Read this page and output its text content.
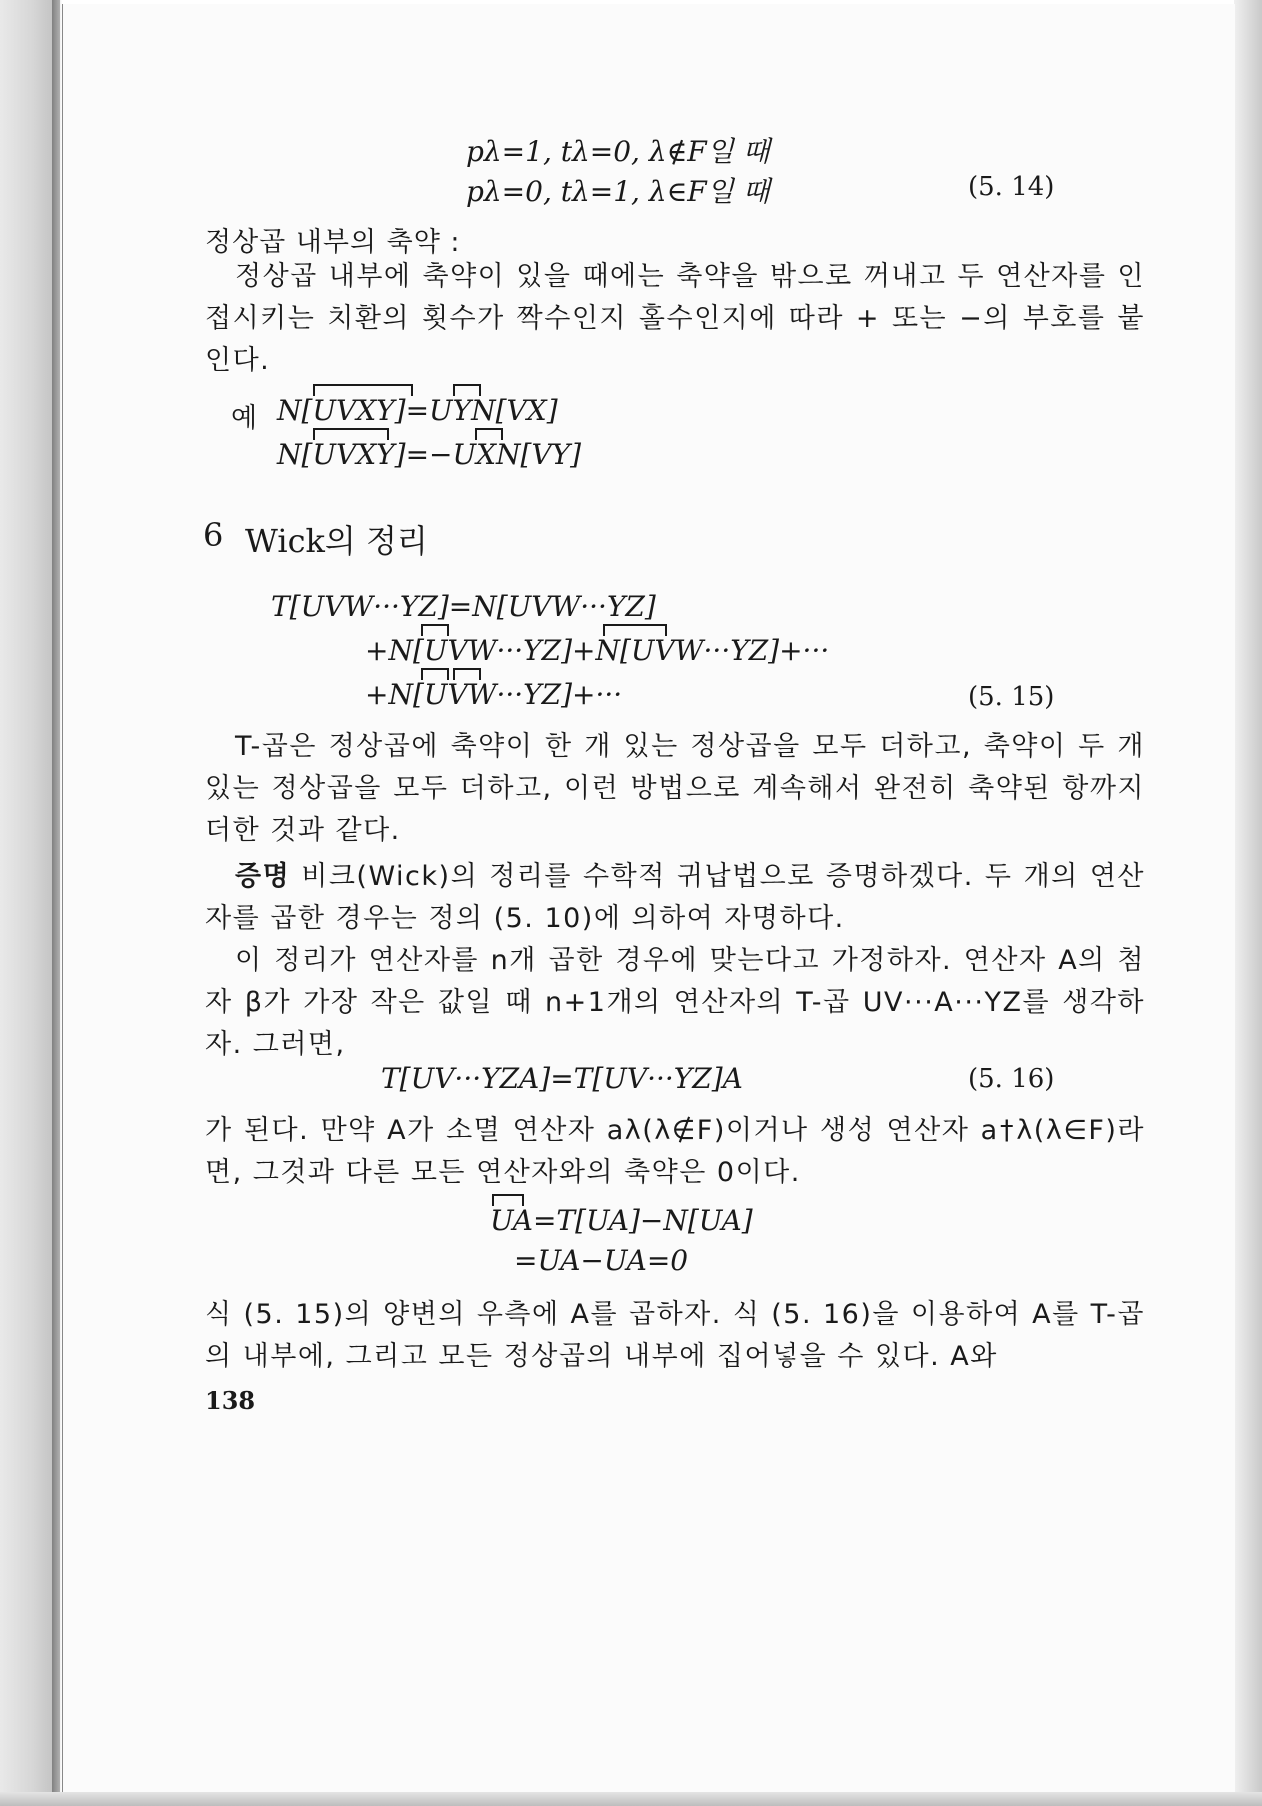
pλ=1, tλ=0, λ∉F일 때
pλ=0, tλ=1, λ∈F일 때	(5. 14)
정상곱 내부의 축약 :
정상곱 내부에 축약이 있을 때에는 축약을 밖으로 꺼내고 두 연산자를 인접시키는 치환의 횟수가 짝수인지 홀수인지에 따라 + 또는 −의 부호를 붙인다.
예 N[UVXY]=UYN[VX]
N[UVXY]=−UXN[VY]
6 Wick의 정리
T[UVW···YZ]=N[UVW···YZ]
+N[UVW···YZ]+N[UVW···YZ]+···
+N[UVW···YZ]+···	(5. 15)
T-곱은 정상곱에 축약이 한 개 있는 정상곱을 모두 더하고, 축약이 두 개 있는 정상곱을 모두 더하고, 이런 방법으로 계속해서 완전히 축약된 항까지 더한 것과 같다.
증명 비크(Wick)의 정리를 수학적 귀납법으로 증명하겠다. 두 개의 연산자를 곱한 경우는 정의 (5. 10)에 의하여 자명하다.
이 정리가 연산자를 n개 곱한 경우에 맞는다고 가정하자. 연산자 A의 첨자 β가 가장 작은 값일 때 n+1개의 연산자의 T-곱 UV···A···YZ를 생각하자. 그러면,
T[UV···YZA]=T[UV···YZ]A	(5. 16)
가 된다. 만약 A가 소멸 연산자 aλ(λ∉F)이거나 생성 연산자 a†λ(λ∈F)라면, 그것과 다른 모든 연산자와의 축약은 0이다.
UA=T[UA]−N[UA]
=UA−UA=0
식 (5. 15)의 양변의 우측에 A를 곱하자. 식 (5. 16)을 이용하여 A를 T-곱의 내부에, 그리고 모든 정상곱의 내부에 집어넣을 수 있다. A와
138
